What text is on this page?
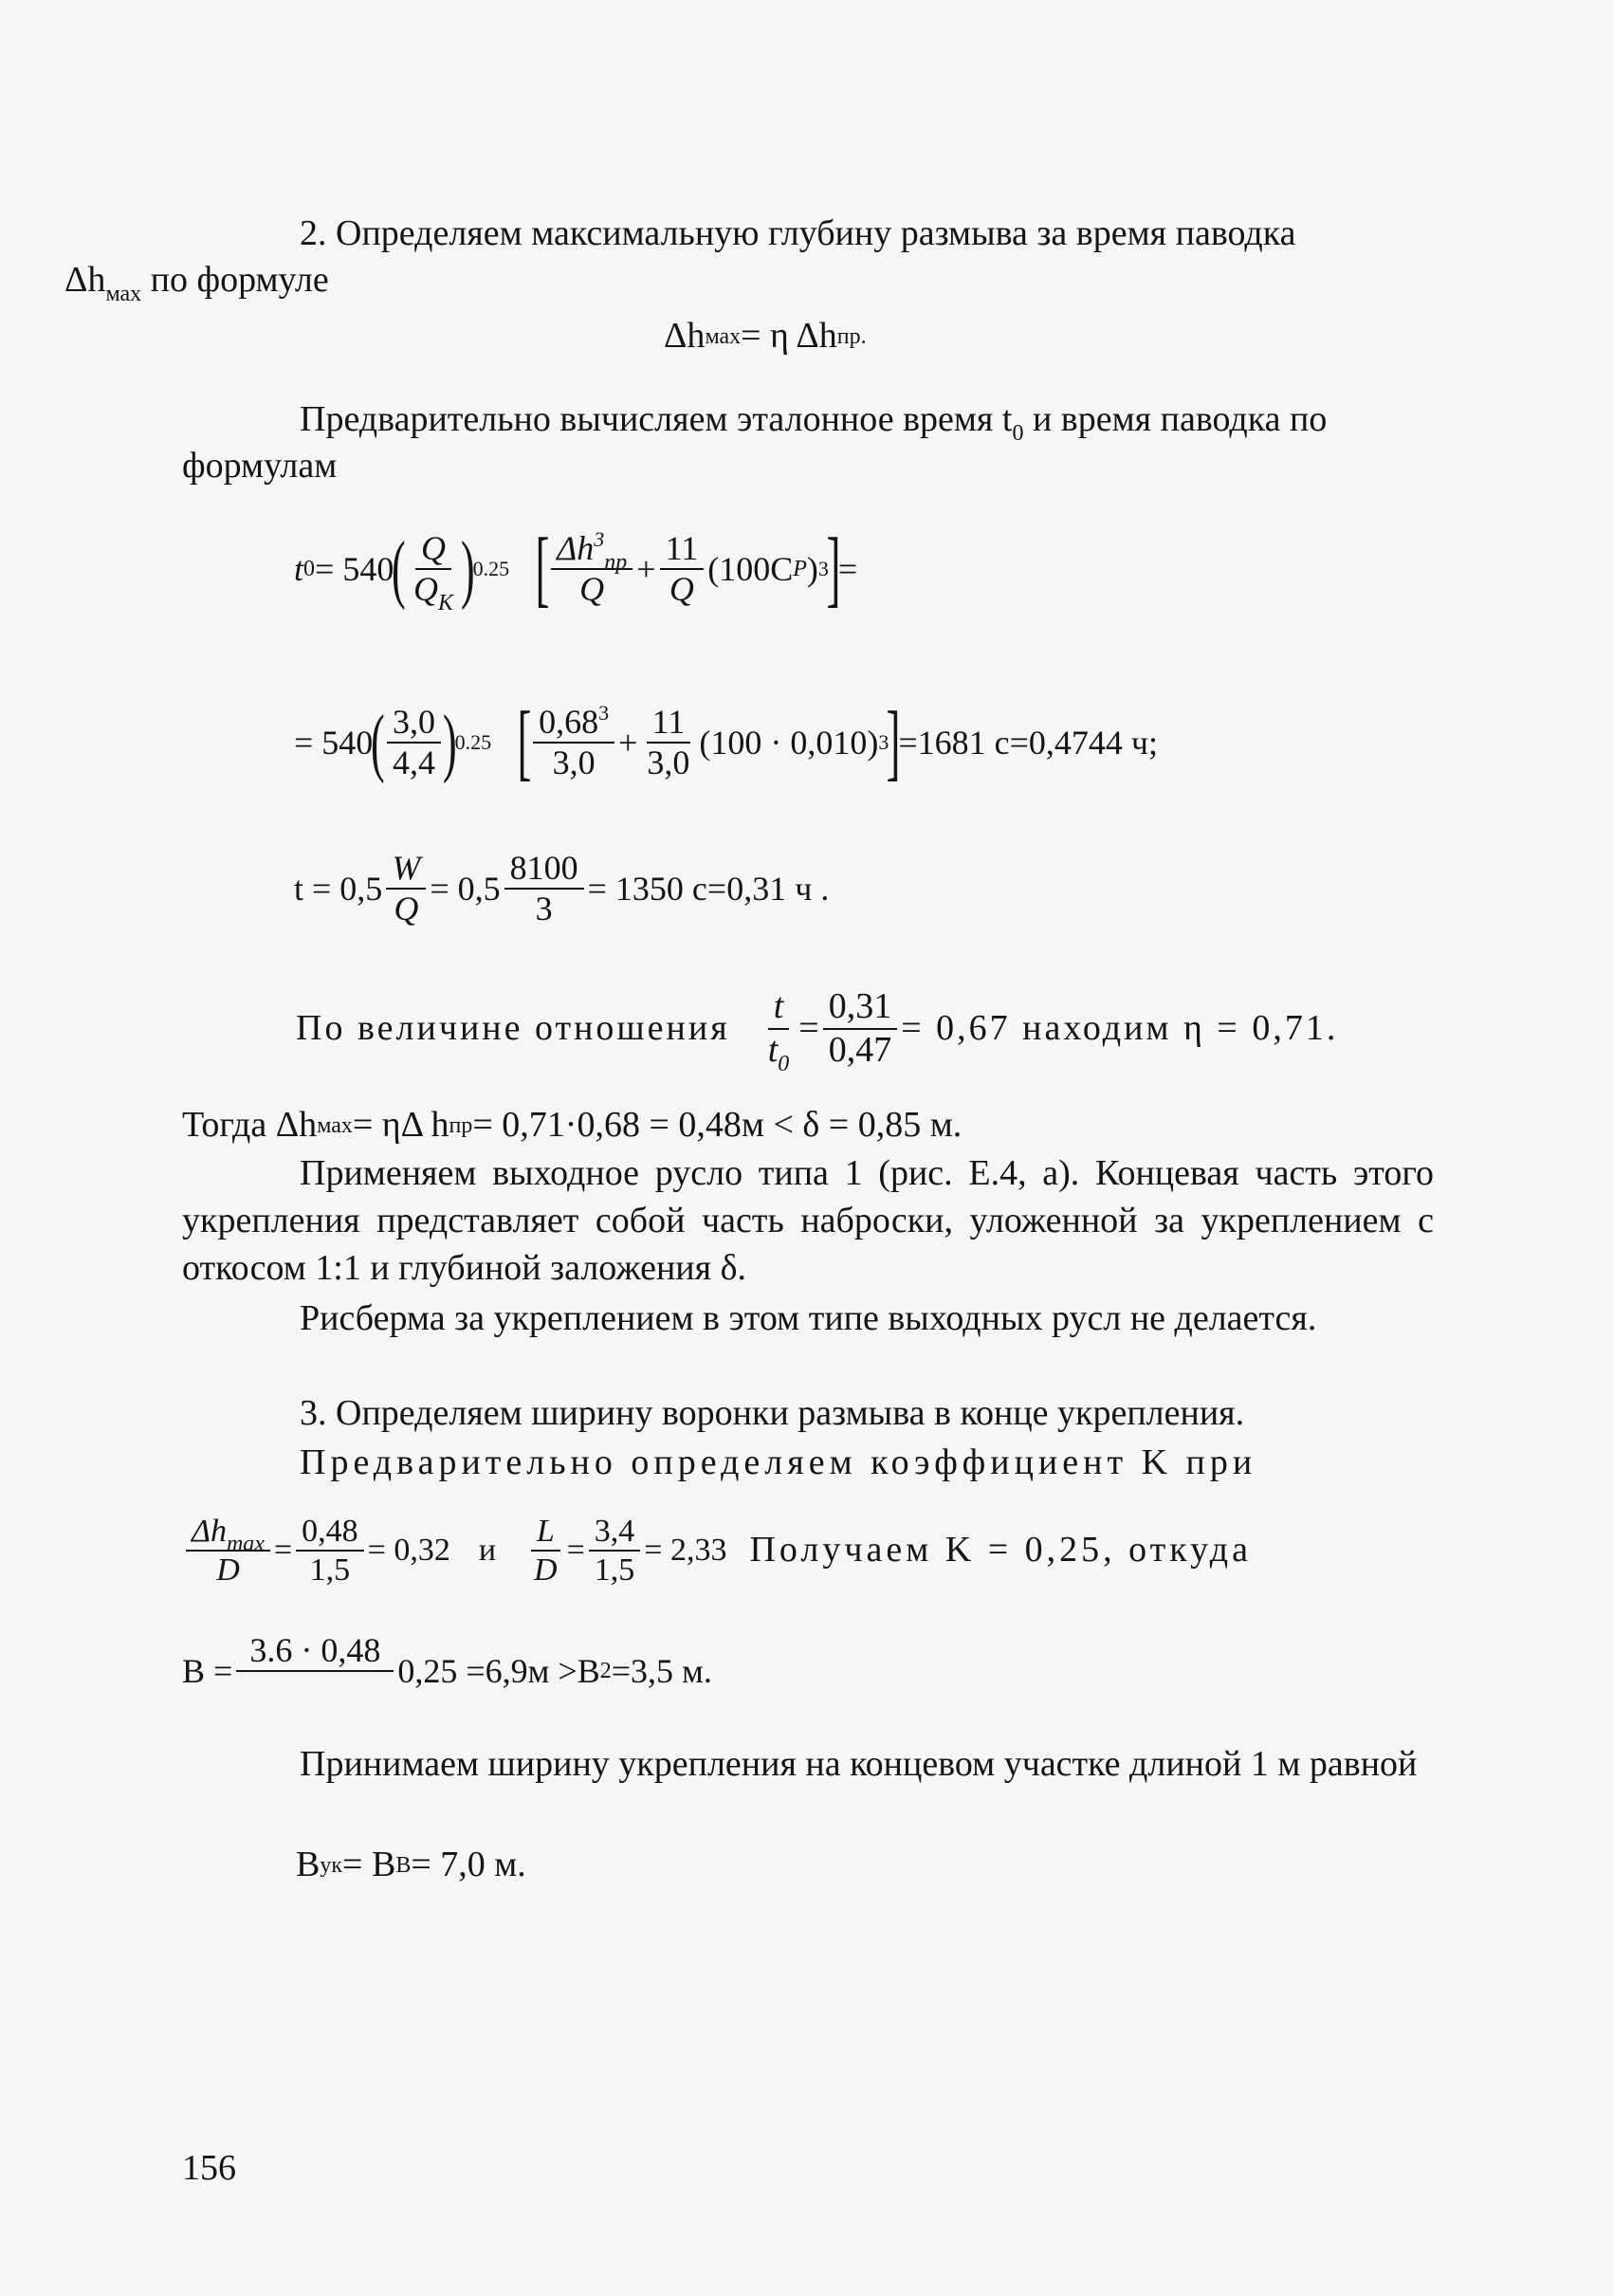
2. Определяем максимальную глубину размыва за время паводка
$\Delta h_{мах}$ по формуле
Δh мах = η Δh пр.
Предварительно вычисляем эталонное время $t_0$ и время паводка по формулам
t 0 = 540
( $\frac{Q}{Q_K}$ )
0.25 [ $\frac{\Delta h^3_{пр}}{Q} + \frac{11}{Q} (100C$ P ) 3
]
=
= 540
( $\frac{3,0}{4,4}$ )
0.25 [ $\frac{0,68^3}{3,0} + \frac{11}{3,0} (100 \cdot 0,010)$ 3
]
=1681 с=0,4744 ч;
$t = 0,5 \frac{W}{Q} = 0,5 \frac{8100}{3} = 1350$ с=0,31 ч .
По величине отношения $\frac{t}{t_0} = \frac{0,31}{0,47} = 0,67$ находим η = 0,71.
Тогда Δh мах = ηΔ h пр = 0,71·0,68 = 0,48м < δ = 0,85 м.
Применяем выходное русло типа 1 (рис. Е.4, а). Концевая часть этого укрепления представляет собой часть наброски, уложенной за укреплением с откосом 1:1 и глубиной заложения δ.
Рисберма за укреплением в этом типе выходных русл не делается.
3. Определяем ширину воронки размыва в конце укрепления.
Предварительно определяем коэффициент K при
$\frac{\Delta h_{max}}{D} = \frac{0,48}{1,5} = 0,32$ и $\frac{L}{D} = \frac{3,4}{1,5} = 2,33$ Получаем K = 0,25, откуда
B =
3.6 · 0,48

0,25 =6,9м >B 2 =3,5 м.
Принимаем ширину укрепления на концевом участке длиной 1 м равной
B ук = B В = 7,0 м.
156
